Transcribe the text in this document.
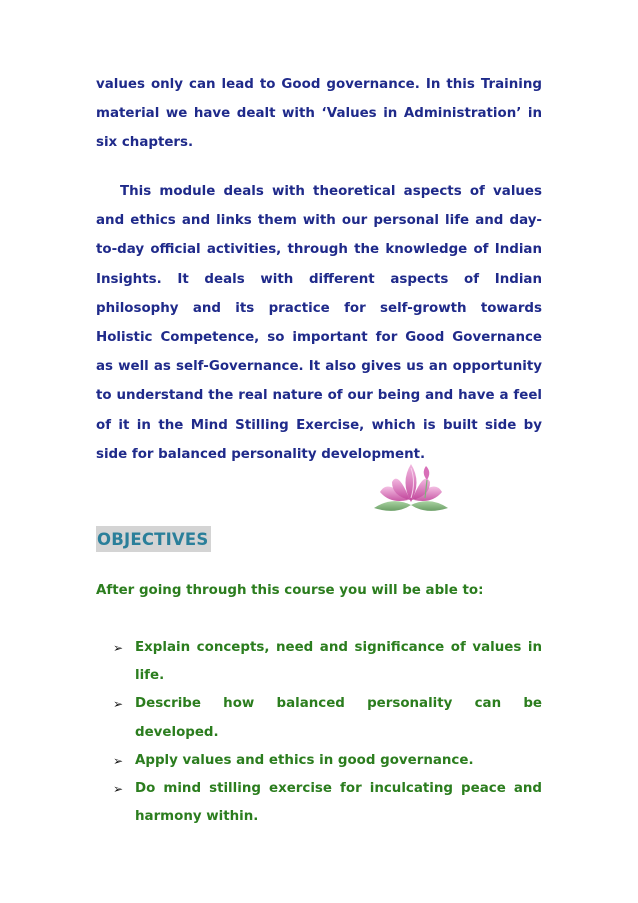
values only can lead to Good governance. In this Training material we have dealt with ‘Values in Administration’ in six chapters.

This module deals with theoretical aspects of values and ethics and links them with our personal life and day-to-day official activities, through the knowledge of Indian Insights. It deals with different aspects of Indian philosophy and its practice for self-growth towards Holistic Competence, so important for Good Governance as well as self-Governance. It also gives us an opportunity to understand the real nature of our being and have a feel of it in the Mind Stilling Exercise, which is built side by side for balanced personality development.

OBJECTIVES

After going through this course you will be able to:

➢ Explain concepts, need and significance of values in life.
➢ Describe how balanced personality can be developed.
➢ Apply values and ethics in good governance.
➢ Do mind stilling exercise for inculcating peace and harmony within.
